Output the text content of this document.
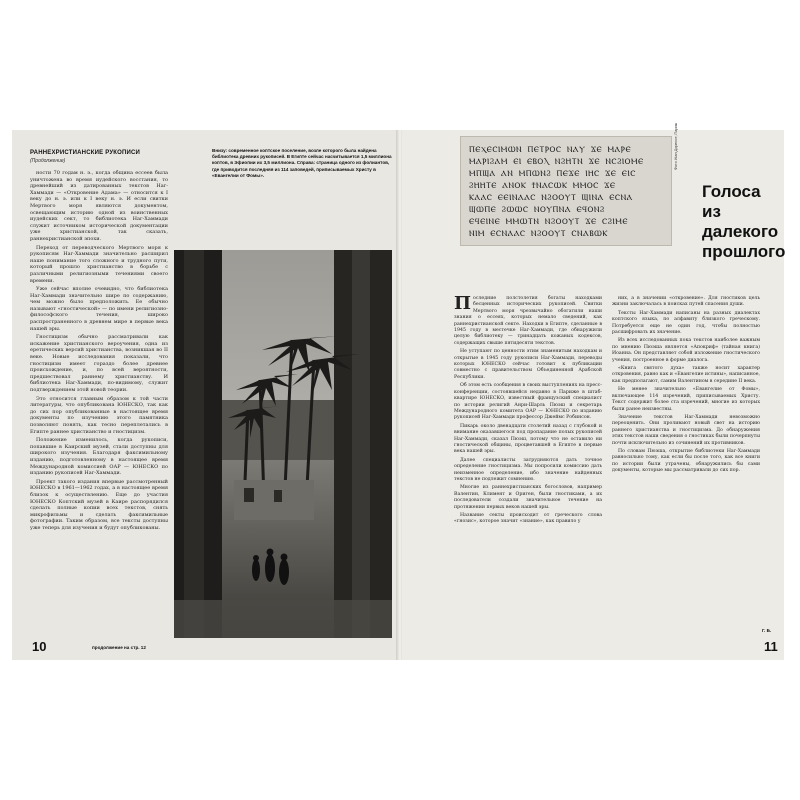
РАННЕХРИСТИАНСКИЕ РУКОПИСИ
(Продолжение)
Внизу: современное коптское поселение, возле которого была найдена библиотека древних рукописей. В Египте сейчас насчитывается 1,5 миллиона коптов, в Эфиопии их 3,5 миллиона. Справа: страница одного из фолиантов, где приводится последняя из 114 заповедей, приписываемых Христу в «Евангелии от Фомы».

ности 70 годам н. э., когда община ессеев была уничтожена во время иудейского восстания, то древнейший из датированных текстов Наг-Хаммади — «Откровение Адама» — относится к I веку до н. э. или к I веку н. э. И если свитки Мертвого моря являются документом, освещающим историю одной из воинственных иудейских сект, то библиотека Наг-Хаммади служит источником исторической документации уже христианской, так сказать, раннехристианской эпохи.

Переход от переводческого Мертвого моря к рукописям Наг-Хаммади значительно расширил наше понимание того сложного и трудного пути, который прошло христианство в борьбе с различными религиозными течениями своего времени.

Уже сейчас вполне очевидно, что библиотека Наг-Хаммади значительно шире по содержанию, чем можно было предположить. Ее обычно называют «гностической» — по имени религиозно-философского течения, широко распространенного в древнем мире в первые века нашей эры.

Гностицизм обычно рассматривали как искажение христианского вероучения, одна из еретических версий христианства, возникшая во II веке. Новые исследования показали, что гностицизм имеет гораздо более древнее происхождение, и, по всей вероятности, предшествовал раннему христианству. И библиотека Наг-Хаммади, по-видимому, служит подтверждением этой новой теории.

Это относится главным образом к той части литературы, что опубликована ЮНЕСКО, так как до сих пор опубликованные в настоящее время документы по изучению этого памятника позволяют понять, как тесно переплетались в Египте раннее христианство и гностицизм.

Положение изменилось, когда рукописи, попавшие в Каирский музей, стали доступны для широкого изучения. Благодаря факсимильному изданию, подготовленному в настоящее время Международной комиссией ОАР — ЮНЕСКО по изданию рукописей Наг-Хаммади.

Проект такого издания впервые рассмотренный ЮНЕСКО в 1961—1962 годах, а в настоящее время близок к осуществлению. Еще до участия ЮНЕСКО Коптский музей в Каире распорядился сделать полные копии всех текстов, снять микрофильмы и сделать факсимильные фотографии. Таким образом, все тексты доступны уже теперь для изучения и будут опубликованы.

10	продолжение на стр. 12
ⲠⲈⲬⲈⲤⲒⲘⲰⲚ ⲠⲈⲦⲢⲞⲤ ⲚⲀⲨ ϪⲈ ⲘⲀⲢⲈ
ⲘⲀⲢⲒϨⲀⲘ ⲈⲒ ⲈⲂⲞⲖ ⲚϨⲎⲦⲚ ϪⲈ ⲚⲤϨⲒⲞⲘⲈ
ⲘⲠϢⲀ ⲀⲚ ⲘⲠⲰⲚϨ ⲠⲈϪⲈ ⲒⲎⲤ ϪⲈ ⲈⲒⲤ
ϨⲎⲎⲦⲈ ⲀⲚⲞⲔ ϮⲚⲀⲤⲰⲔ ⲘⲘⲞⲤ ϪⲈ
ⲔⲀⲀⲤ ⲈⲈⲒⲚⲀⲀⲤ ⲚϨⲞⲞⲨⲦ ϢⲒⲚⲀ ⲈⲤⲚⲀ
ϢⲰⲠⲈ ϨⲰⲰⲤ ⲚⲞⲨⲠⲚⲀ ⲈϤⲞⲚϨ
ⲈϤⲈⲒⲚⲈ ⲘⲘⲰⲦⲚ ⲚϨⲞⲞⲨⲦ ϪⲈ ⲤϨⲒⲘⲈ
ⲚⲒⲘ ⲈⲤⲚⲀⲀⲤ ⲚϨⲞⲞⲨⲦ ⲤⲚⲀⲂⲰⲔ
Фото Жан Дорессе, Париж
Голоса из далекого прошлого

Последние полстолетия богаты находками бесценных исторических рукописей. Свитки Мертвого моря чрезвычайно обогатили наши знания о ессеях, которых немало сведений, как раннехристианской секте. Находки в Египте, сделанные в 1945 году в местечке Наг-Хаммади, где обнаружили целую библиотеку — тринадцать кожаных кодексов, содержащих свыше пятидесяти текстов.

Не уступают по ценности этим знаменитым находкам и открытые в 1945 году рукописи Наг-Хаммади, переводы которых ЮНЕСКО сейчас готовит к публикации совместно с правительством Объединенной Арабской Республики.

Об этом есть сообщения в своих выступлениях на пресс-конференции, состоявшейся недавно в Париже в штаб-квартире ЮНЕСКО, известный французский специалист по истории религий Анри-Шарль Пюэш и секретарь Международного комитета ОАР — ЮНЕСКО по изданию рукописей Наг-Хаммади профессор Джеймс Робинсон.

Пикарь около двенадцати столетий назад с глубокой и внимание оказавшегося под пропадание полых рукописей Наг-Хаммади, сказал Пюэш, потому что не оставило ни гностической общины, процветавшей в Египте в первые века нашей эры.

Далее специалисты затрудняются дать точное определение гностицизма. Мы попросили комиссию дать неизменное определение, ибо значение найденных текстов не подлежит сомнению.

Многие из раннехристианских богословов, например Валентин, Климент и Ориген, были гностиками, а их последователи создали значительное течение на протяжении первых веков нашей эры.

Название секты происходит от греческого слова «гнозис», которое значит «знание», как правило у

них, а в значении «откровение». Для гностиков цель жизни заключалась в поисках путей спасения души.

Тексты Наг-Хаммади написаны на разных диалектах коптского языка, по алфавиту близкого греческому. Потребуется еще не один год, чтобы полностью расшифровать их значение.

Из всех исследованных пока текстов наиболее важным по мнению Пюэша является «Апокриф» (тайная книга) Иоанна. Он представляет собой изложение гностического учения, построенное в форме диалога.

«Книга святого духа» также носит характер откровения, равно как и «Евангелие истины», написанное, как предполагают, самим Валентином в середине II века.

Не менее значительно «Евангелие от Фомы», включающее 114 изречений, приписываемых Христу. Текст содержит более ста изречений, многие из которых были ранее неизвестны.

Значение текстов Наг-Хаммади невозможно переоценить. Они проливают новый свет на историю раннего христианства и гностицизма. До обнаружения этих текстов наши сведения о гностиках были почерпнуты почти исключительно из сочинений их противников.

По словам Пюэша, открытие библиотеки Наг-Хаммади равносильно тому, как если бы после того, как все книги по истории были утрачены, обнаружились бы сами документы, которые мы рассматривали до сих пор.

Г. Б.
11
